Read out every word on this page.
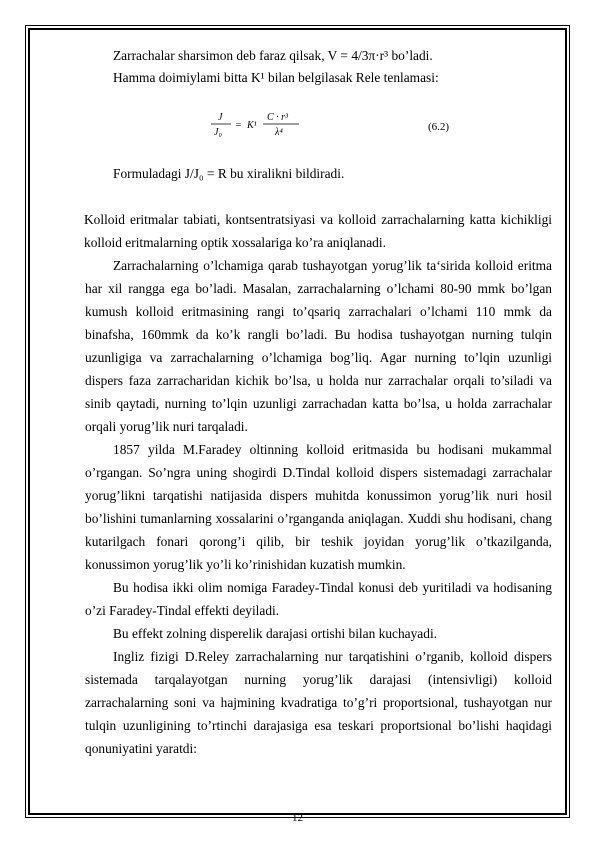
Zarrachalar sharsimon deb faraz qilsak, V = 4/3π·r³ bo’ladi.
Hamma doimiylami bitta K¹ bilan belgilasak Rele tenlamasi:
J
J₀
= K¹
C · r³
λ⁴	(6.2)
Formuladagi J/J₀ = R bu xiralikni bildiradi.

Kolloid eritmalar tabiati, kontsentratsiyasi va kolloid zarrachalarning katta kichikligi kolloid eritmalarning optik xossalariga ko’ra aniqlanadi.

Zarrachalarning o’lchamiga qarab tushayotgan yorug’lik ta‘sirida kolloid eritma har xil rangga ega bo’ladi. Masalan, zarrachalarning o’lchami 80-90 mmk bo’lgan kumush kolloid eritmasining rangi to’qsariq zarrachalari o’lchami 110 mmk da binafsha, 160mmk da ko’k rangli bo’ladi. Bu hodisa tushayotgan nurning tulqin uzunligiga va zarrachalarning o’lchamiga bog’liq. Agar nurning to’lqin uzunligi dispers faza zarracharidan kichik bo’lsa, u holda nur zarrachalar orqali to’siladi va sinib qaytadi, nurning to’lqin uzunligi zarrachadan katta bo’lsa, u holda zarrachalar orqali yorug’lik nuri tarqaladi.

1857 yilda M.Faradey oltinning kolloid eritmasida bu hodisani mukammal o’rgangan. So’ngra uning shogirdi D.Tindal kolloid dispers sistemadagi zarrachalar yorug’likni tarqatishi natijasida dispers muhitda konussimon yorug’lik nuri hosil bo’lishini tumanlarning xossalarini o’rganganda aniqlagan. Xuddi shu hodisani, chang kutarilgach fonari qorong’i qilib, bir teshik joyidan yorug’lik o’tkazilganda, konussimon yorug’lik yo’li ko’rinishidan kuzatish mumkin.

Bu hodisa ikki olim nomiga Faradey-Tindal konusi deb yuritiladi va hodisaning o’zi Faradey-Tindal effekti deyiladi.

Bu effekt zolning disperelik darajasi ortishi bilan kuchayadi.

Ingliz fizigi D.Reley zarrachalarning nur tarqatishini o’rganib, kolloid dispers sistemada tarqalayotgan nurning yorug’lik darajasi (intensivligi) kolloid zarrachalarning soni va hajmining kvadratiga to’g’ri proportsional, tushayotgan nur tulqin uzunligining to’rtinchi darajasiga esa teskari proportsional bo’lishi haqidagi qonuniyatini yaratdi:

12
